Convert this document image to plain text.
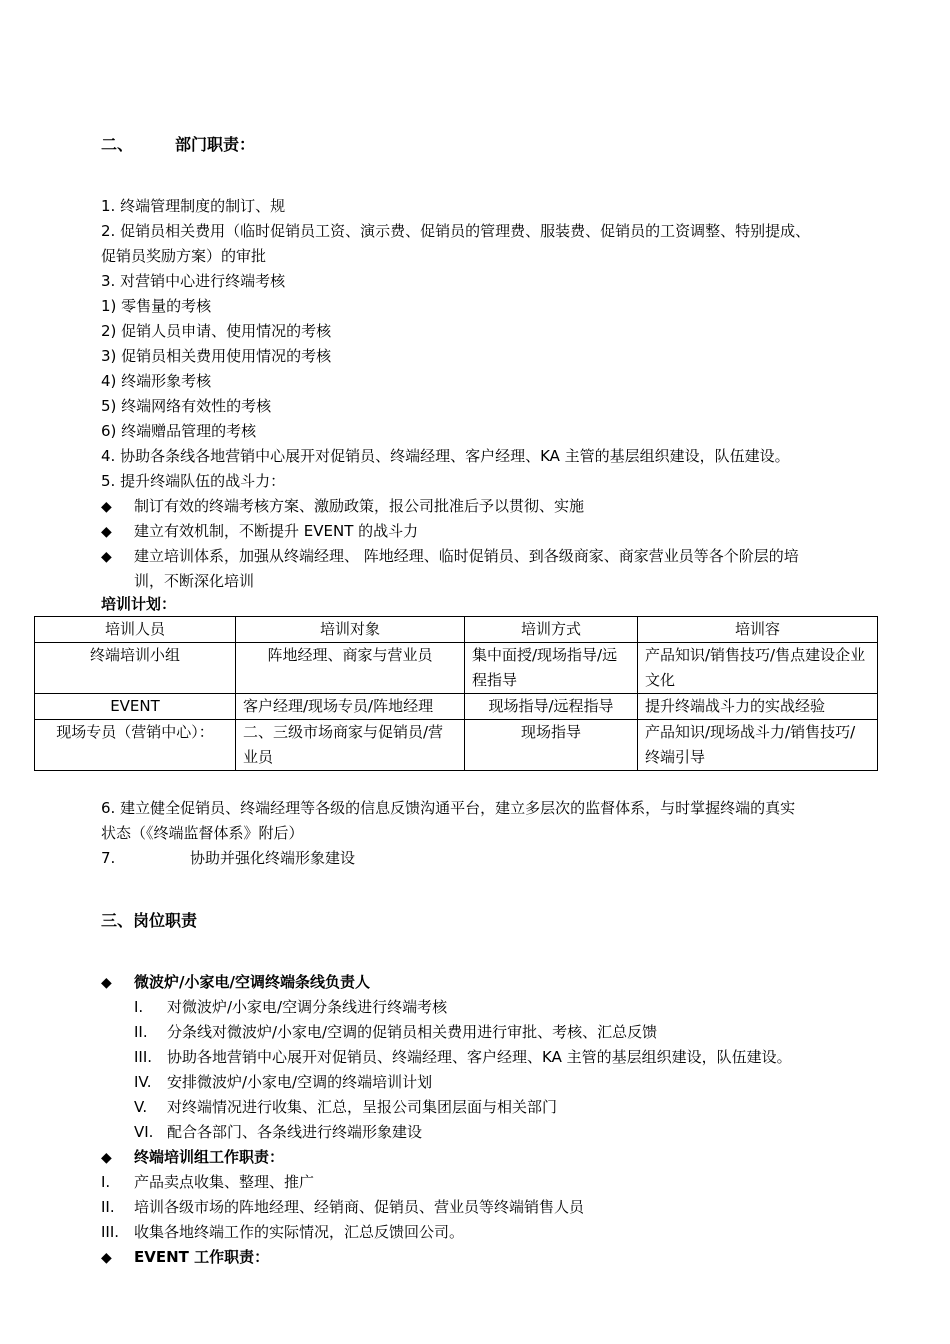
二、	部门职责：
1. 终端管理制度的制订、规
2. 促销员相关费用（临时促销员工资、演示费、促销员的管理费、服装费、促销员的工资调整、特别提成、
促销员奖励方案）的审批
3. 对营销中心进行终端考核
1) 零售量的考核
2) 促销人员申请、使用情况的考核
3) 促销员相关费用使用情况的考核
4) 终端形象考核
5) 终端网络有效性的考核
6) 终端赠品管理的考核
4. 协助各条线各地营销中心展开对促销员、终端经理、客户经理、KA 主管的基层组织建设，队伍建设。
5. 提升终端队伍的战斗力：
◆ 制订有效的终端考核方案、激励政策，报公司批准后予以贯彻、实施
◆ 建立有效机制，不断提升 EVENT 的战斗力
◆ 建立培训体系，加强从终端经理、 阵地经理、临时促销员、到各级商家、商家营业员等各个阶层的培
训，不断深化培训
培训计划：
培训人员	培训对象	培训方式	培训容
终端培训小组	阵地经理、商家与营业员	集中面授/现场指导/远程指导	产品知识/销售技巧/售点建设企业文化
EVENT	客户经理/现场专员/阵地经理	现场指导/远程指导	提升终端战斗力的实战经验
现场专员（营销中心）：	二、三级市场商家与促销员/营业员	现场指导	产品知识/现场战斗力/销售技巧/终端引导
6. 建立健全促销员、终端经理等各级的信息反馈沟通平台，建立多层次的监督体系，与时掌握终端的真实
状态（《终端监督体系》附后）
7.	协助并强化终端形象建设
三、岗位职责
◆ 微波炉/小家电/空调终端条线负责人
I. 对微波炉/小家电/空调分条线进行终端考核
II. 分条线对微波炉/小家电/空调的促销员相关费用进行审批、考核、汇总反馈
III. 协助各地营销中心展开对促销员、终端经理、客户经理、KA 主管的基层组织建设，队伍建设。
IV. 安排微波炉/小家电/空调的终端培训计划
V. 对终端情况进行收集、汇总，呈报公司集团层面与相关部门
VI. 配合各部门、各条线进行终端形象建设
◆ 终端培训组工作职责：
I. 产品卖点收集、整理、推广
II. 培训各级市场的阵地经理、经销商、促销员、营业员等终端销售人员
III. 收集各地终端工作的实际情况，汇总反馈回公司。
◆ EVENT 工作职责：
